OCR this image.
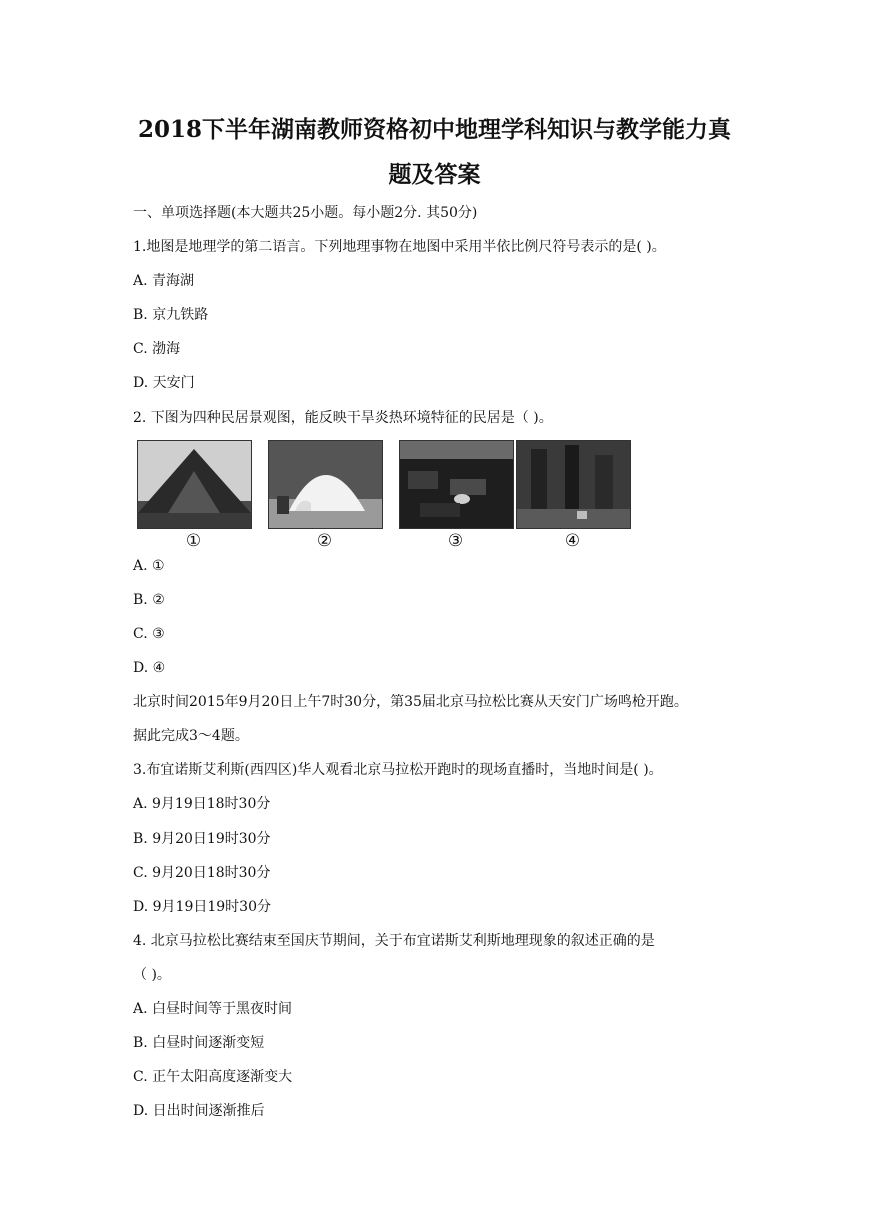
2018下半年湖南教师资格初中地理学科知识与教学能力真
题及答案
一、单项选择题(本大题共25小题。每小题2分. 其50分)
1.地图是地理学的第二语言。下列地理事物在地图中采用半依比例尺符号表示的是( )。
A. 青海湖
B. 京九铁路
C. 渤海
D. 天安门
2. 下图为四种民居景观图，能反映干旱炎热环境特征的民居是（ )。
①	②	③	④
A. ①
B. ②
C. ③
D. ④
北京时间2015年9月20日上午7时30分，第35届北京马拉松比赛从天安门广场鸣枪开跑。
据此完成3～4题。
3.布宜诺斯艾利斯(西四区)华人观看北京马拉松开跑时的现场直播时，当地时间是( )。
A. 9月19日18时30分
B. 9月20日19时30分
C. 9月20日18时30分
D. 9月19日19时30分
4. 北京马拉松比赛结束至国庆节期间，关于布宜诺斯艾利斯地理现象的叙述正确的是
（ )。
A. 白昼时间等于黑夜时间
B. 白昼时间逐渐变短
C. 正午太阳高度逐渐变大
D. 日出时间逐渐推后
